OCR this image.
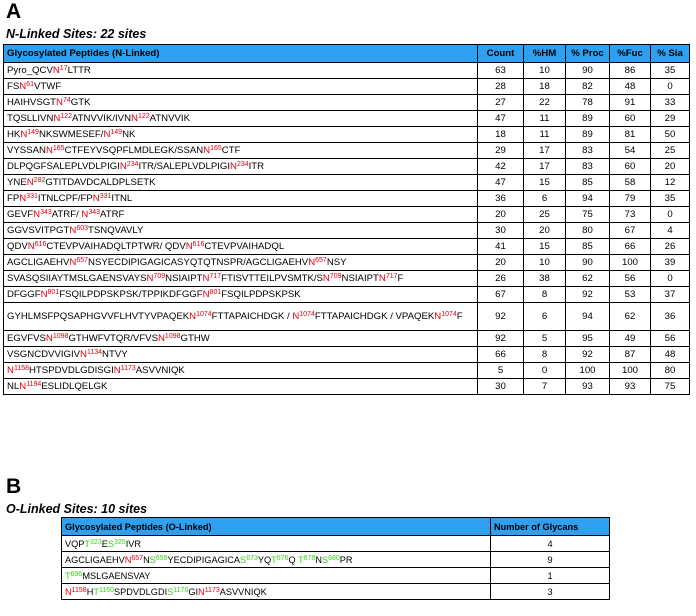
A
N-Linked Sites: 22 sites
Glycosylated Peptides (N-Linked)	Count	%HM	% Proc	%Fuc	% Sia
Pyro_QCVN$^{17}$LTTR	63	10	90	86	35
FSN$^{61}$VTWF	28	18	82	48	0
HAIHVSGTN$^{74}$GTK	27	22	78	91	33
TQSLLIVNN$^{122}$ATNVVIK/IVNN$^{122}$ATNVVIK	47	11	89	60	29
$HKN^{149}NKSWMESEF/N^{149}NK$	18	11	89	81	50
VYSSANN$^{165}$CTFEYVSQPFLMDLEGK/SSANN$^{165}$CTF	29	17	83	54	25
DLPQGFSALEPLVDLPIGIN$^{234}$ITR/SALEPLVDLPIGIN$^{234}$ITR	42	17	83	60	20
YNEN$^{282}$GTITDAVDCALDPLSETK	47	15	85	58	12
FPN$^{331}$ITNLCPF/FPN$^{331}$ITNL	36	6	94	79	35
GEVFN$^{343}$ATRF/ $N^{343}ATRF$	20	25	75	73	0
GGVSVITPGTN$^{603}$TSNQVAVLY	30	20	80	67	4
QDVN$^{616}$CTEVPVAIHADQLTPTWR/ QDVN$^{616}$CTEVPVAIHADQL	41	15	85	66	26
AGCLIGAEHVN$^{657}$NSYECDIPIGAGICASYQTQTNSPR/AGCLIGAEHVN$^{657}$NSY	20	10	90	100	39
SVASQSIIAYTMSLGAENSVAYSN$^{709}$NSIAIPTN$^{717}$FTISVTTEILPVSMTK/SN$^{709}$NSIAIPTN$^{717}$F	26	38	62	56	0
DFGGFN$^{801}$FSQILPDPSKPSK/TPPIKDFGGFN$^{801}$FSQILPDPSKPSK	67	8	92	53	37
$GYHLMSFPQSAPHGVVFLHVTYVPAQEKN^{1074}FTTAPAICHDGK$ / $N^{1074}FTTAPAICHDGK$ / $VPAQEKN^{1074}F$	92	6	94	62	36
$EGVFVSN^{1098}GTHWFVTQR/VFVSN^{1098}GTHW$	92	5	95	49	56
$VSGNCDVVIGIVN^{1134}NTVY$	66	8	92	87	48
$N^{1158}HTSPDVDLGDISGIN^{1173}ASVVNIQK$	5	0	100	100	80
$NLN^{1194}ESLIDLQELGK$	30	7	93	93	75
B
O-Linked Sites: 10 sites
Glycosylated Peptides (O-Linked)	Number of Glycans
VQPT$^{323}$ES$^{325}$IVR	4
AGCLIGAEHVN$^{657}$NS$^{659}$YECDIPIGAGICAS$^{673}$YQT$^{676}$Q $T^{678}NS^{680}PR$	9
$T^{696}MSLGAENSVAY$	1
$N^{1158}HT^{1160}SPDVDLGDIS^{1170}GIN^{1173}ASVVNIQK$	3
